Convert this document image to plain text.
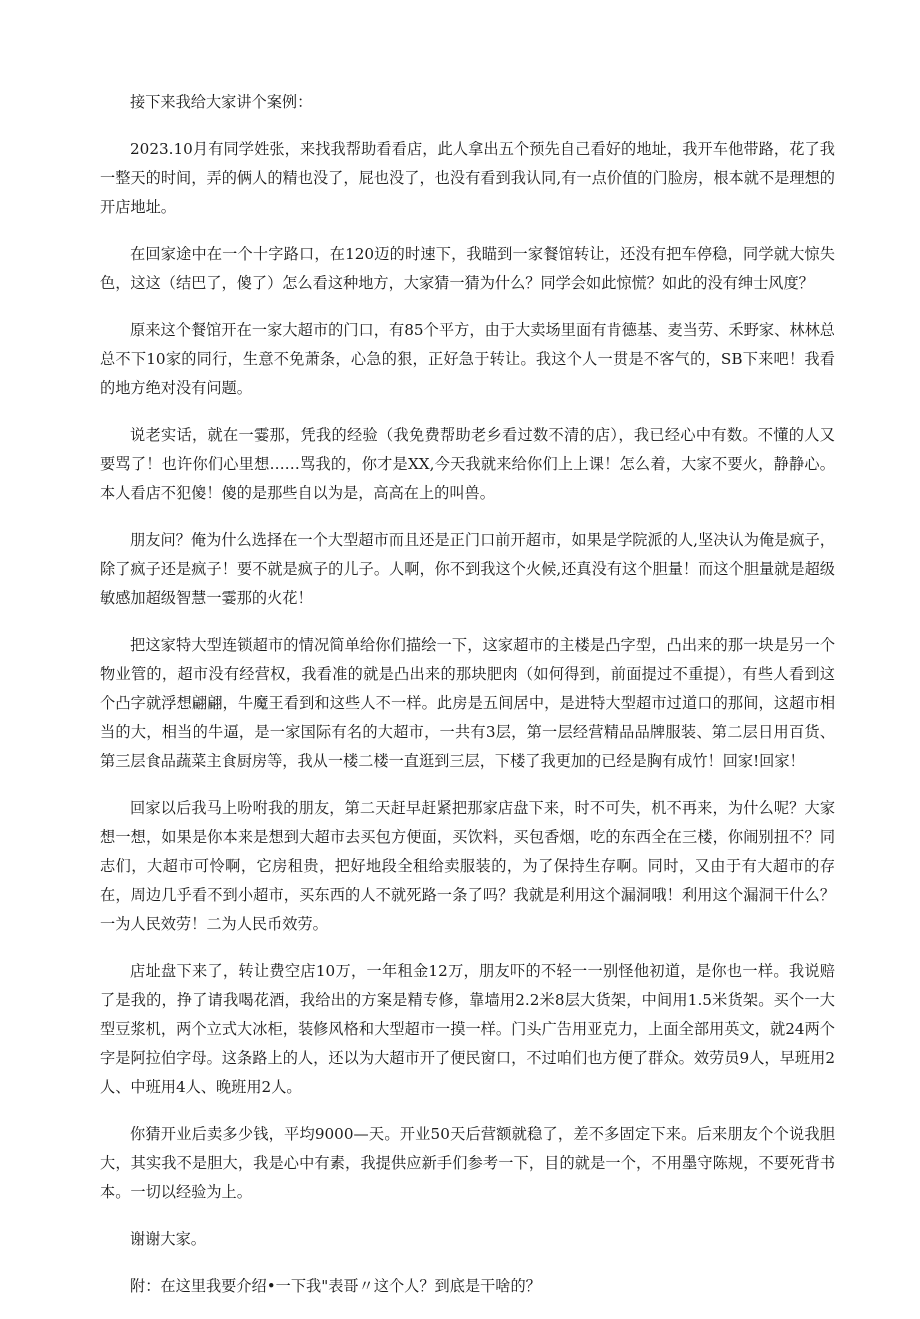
接下来我给大家讲个案例：

2023.10月有同学姓张，来找我帮助看看店，此人拿出五个预先自己看好的地址，我开车他带路，花了我一整天的时间，弄的俩人的精也没了，屁也没了，也没有看到我认同,有一点价值的门脸房，根本就不是理想的开店地址。

在回家途中在一个十字路口，在120迈的时速下，我瞄到一家餐馆转让，还没有把车停稳，同学就大惊失色，这这（结巴了，傻了）怎么看这种地方，大家猜一猜为什么？同学会如此惊慌？如此的没有绅士风度？

原来这个餐馆开在一家大超市的门口，有85个平方，由于大卖场里面有肯德基、麦当劳、禾野家、林林总总不下10家的同行，生意不免萧条，心急的狠，正好急于转让。我这个人一贯是不客气的，SB下来吧！我看的地方绝对没有问题。

说老实话，就在一霎那，凭我的经验（我免费帮助老乡看过数不清的店），我已经心中有数。不懂的人又要骂了！也许你们心里想……骂我的，你才是XX,今天我就来给你们上上课！怎么着，大家不要火，静静心。本人看店不犯傻！傻的是那些自以为是，高高在上的叫兽。

朋友问？俺为什么选择在一个大型超市而且还是正门口前开超市，如果是学院派的人,坚决认为俺是疯子，除了疯子还是疯子！要不就是疯子的儿子。人啊，你不到我这个火候,还真没有这个胆量！而这个胆量就是超级敏感加超级智慧一霎那的火花！

把这家特大型连锁超市的情况简单给你们描绘一下，这家超市的主楼是凸字型，凸出来的那一块是另一个物业管的，超市没有经营权，我看准的就是凸出来的那块肥肉（如何得到，前面提过不重提），有些人看到这个凸字就浮想翩翩，牛魔王看到和这些人不一样。此房是五间居中，是进特大型超市过道口的那间，这超市相当的大，相当的牛逼，是一家国际有名的大超市，一共有3层，第一层经营精品品牌服装、第二层日用百货、第三层食品蔬菜主食厨房等，我从一楼二楼一直逛到三层，下楼了我更加的已经是胸有成竹！回家!回家！

回家以后我马上吩咐我的朋友，第二天赶早赶紧把那家店盘下来，时不可失，机不再来，为什么呢？大家想一想，如果是你本来是想到大超市去买包方便面，买饮料，买包香烟，吃的东西全在三楼，你闹别扭不？同志们，大超市可怜啊，它房租贵，把好地段全租给卖服装的，为了保持生存啊。同时，又由于有大超市的存在，周边几乎看不到小超市，买东西的人不就死路一条了吗？我就是利用这个漏洞哦！利用这个漏洞干什么？一为人民效劳！二为人民币效劳。

店址盘下来了，转让费空店10万，一年租金12万，朋友吓的不轻一一别怪他初道，是你也一样。我说赔了是我的，挣了请我喝花酒，我给出的方案是精专修，靠墙用2.2米8层大货架，中间用1.5米货架。买个一大型豆浆机，两个立式大冰柜，装修风格和大型超市一摸一样。门头广告用亚克力，上面全部用英文，就24两个字是阿拉伯字母。这条路上的人，还以为大超市开了便民窗口，不过咱们也方便了群众。效劳员9人，早班用2人、中班用4人、晚班用2人。

你猜开业后卖多少钱，平均9000—天。开业50天后营额就稳了，差不多固定下来。后来朋友个个说我胆大，其实我不是胆大，我是心中有素，我提供应新手们参考一下，目的就是一个，不用墨守陈规，不要死背书本。一切以经验为上。

谢谢大家。

附：在这里我要介绍•一下我"表哥〃这个人？到底是干啥的？
